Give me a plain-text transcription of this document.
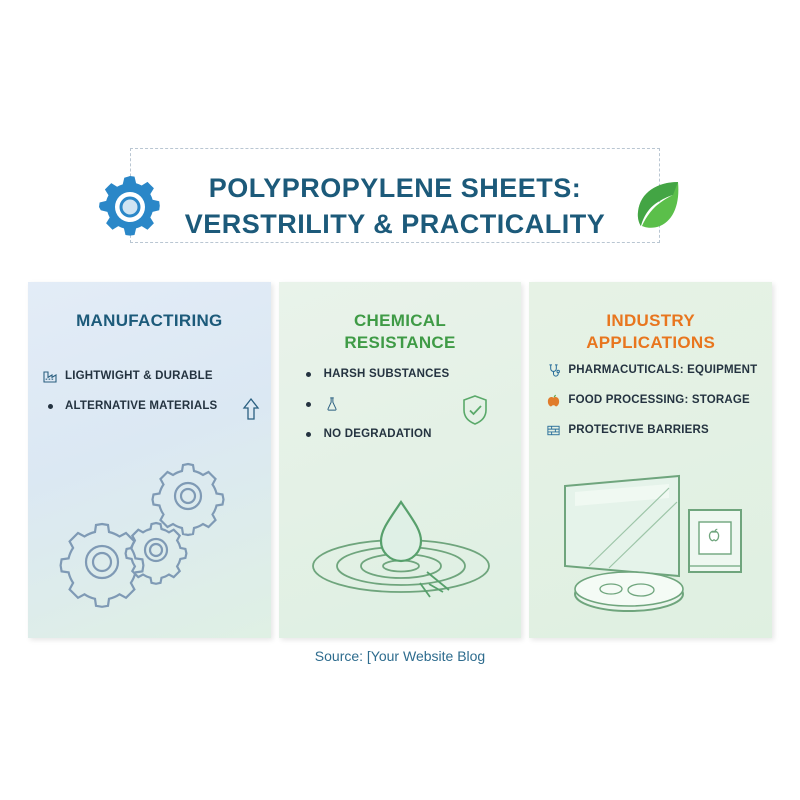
POLYPROPYLENE SHEETS:
VERSTRILITY & PRACTICALITY
MANUFACTIRING
LIGHTWIGHT & DURABLE
ALTERNATIVE MATERIALS
CHEMICAL
RESISTANCE
HARSH SUBSTANCES
NO DEGRADATION
INDUSTRY
APPLICATIONS
PHARMACUTICALS: EQUIPMENT
FOOD PROCESSING: STORAGE
PROTECTIVE BARRIERS
Source: [Your Website Blog
